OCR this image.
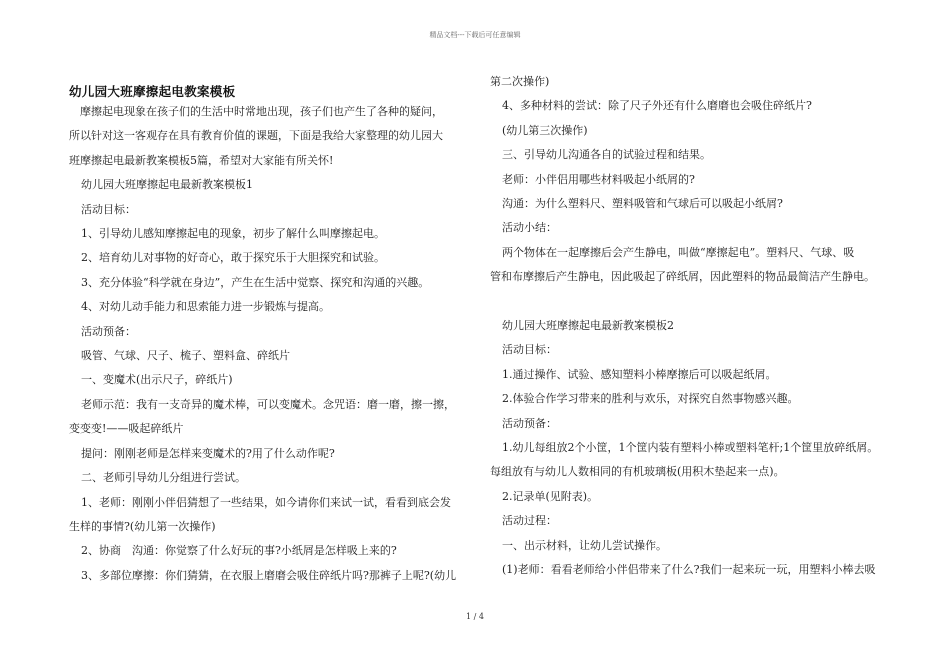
精品文档---下载后可任意编辑
幼儿园大班摩擦起电教案模板

　摩擦起电现象在孩子们的生活中时常地出现，孩子们也产生了各种的疑问，

所以针对这一客观存在具有教育价值的课题，下面是我给大家整理的幼儿园大

班摩擦起电最新教案模板5篇，希望对大家能有所关怀!

幼儿园大班摩擦起电最新教案模板1

活动目标：

1、引导幼儿感知摩擦起电的现象，初步了解什么叫摩擦起电。

2、培育幼儿对事物的好奇心，敢于探究乐于大胆探究和试验。

3、充分体验“科学就在身边”，产生在生活中觉察、探究和沟通的兴趣。

4、对幼儿动手能力和思索能力进一步锻炼与提高。

活动预备：

吸管、气球、尺子、梳子、塑料盒、碎纸片

一、变魔术(出示尺子，碎纸片)

老师示范：我有一支奇异的魔术棒，可以变魔术。念咒语：磨一磨，擦一擦，

变变变!——吸起碎纸片

提问：刚刚老师是怎样来变魔术的?用了什么动作呢?

二、老师引导幼儿分组进行尝试。

1、老师：刚刚小伴侣猜想了一些结果，如今请你们来试一试，看看到底会发

生样的事情?(幼儿第一次操作)

2、协商　沟通：你觉察了什么好玩的事?小纸屑是怎样吸上来的?

3、多部位摩擦：你们猜猜，在衣服上磨磨会吸住碎纸片吗?那裤子上呢?(幼儿

第二次操作)

4、多种材料的尝试：除了尺子外还有什么磨磨也会吸住碎纸片?

(幼儿第三次操作)

三、引导幼儿沟通各自的试验过程和结果。

老师：小伴侣用哪些材料吸起小纸屑的?

沟通：为什么塑料尺、塑料吸管和气球后可以吸起小纸屑?

活动小结：

两个物体在一起摩擦后会产生静电，叫做“摩擦起电”。塑料尺、气球、吸

管和布摩擦后产生静电，因此吸起了碎纸屑，因此塑料的物品最简洁产生静电。

幼儿园大班摩擦起电最新教案模板2

活动目标：

1.通过操作、试验、感知塑料小棒摩擦后可以吸起纸屑。

2.体验合作学习带来的胜利与欢乐，对探究自然事物感兴趣。

活动预备：

1.幼儿每组放2个小筐，1个筐内装有塑料小棒或塑料笔杆;1个筐里放碎纸屑。

每组放有与幼儿人数相同的有机玻璃板(用积木垫起来一点)。

2.记录单(见附表)。

活动过程：

一、出示材料，让幼儿尝试操作。

(1)老师：看看老师给小伴侣带来了什么?我们一起来玩一玩，用塑料小棒去吸

1 / 4
